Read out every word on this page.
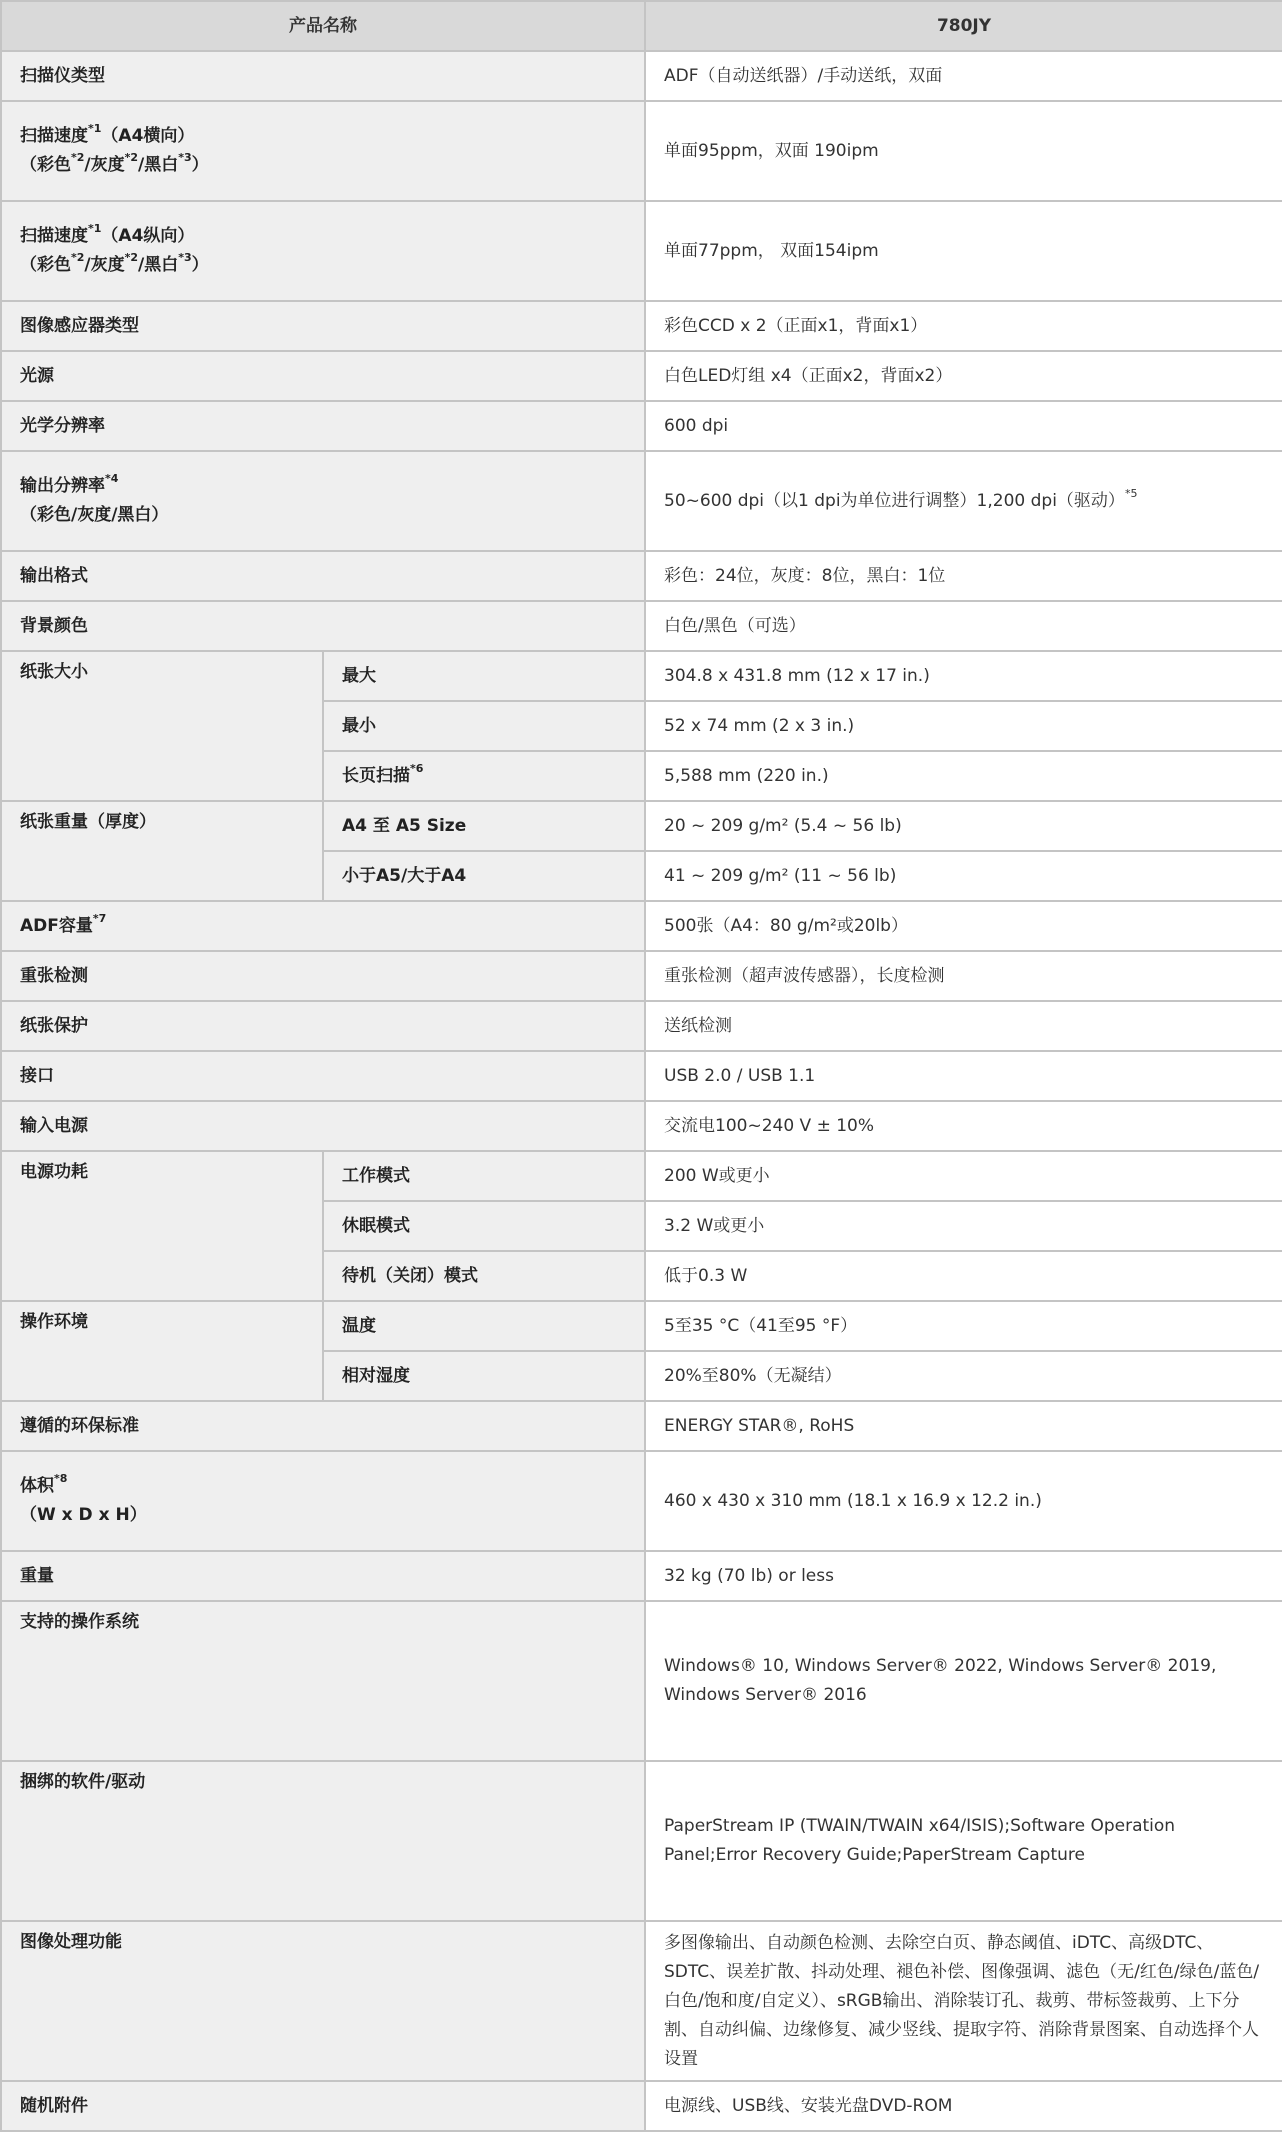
产品名称		780JY
扫描仪类型		ADF（自动送纸器）/手动送纸，双面

扫描速度$^{*1}$（A4横向）
（彩色$^{*2}$/灰度$^{*2}$/黑白$^{*3}$）		单面95ppm，双面 190ipm

扫描速度$^{*1}$（A4纵向）
（彩色$^{*2}$/灰度$^{*2}$/黑白$^{*3}$）		单面77ppm， 双面154ipm
图像感应器类型		彩色CCD x 2（正面x1，背面x1）
光源		白色LED灯组 x4（正面x2，背面x2）
光学分辨率		600 dpi

输出分辨率$^{*4}$
（彩色/灰度/黑白）		50~600 dpi（以1 dpi为单位进行调整）1,200 dpi（驱动）$^{*5}$
输出格式		彩色：24位，灰度：8位，黑白：1位
背景颜色		白色/黑色（可选）
纸张大小	最大	304.8 x 431.8 mm (12 x 17 in.)
	最小	52 x 74 mm (2 x 3 in.)
	长页扫描$^{*6}$	5,588 mm (220 in.)
纸张重量（厚度）	A4 至 A5 Size	20 ~ 209 g/m² (5.4 ~ 56 lb)
	小于A5/大于A4	41 ~ 209 g/m² (11 ~ 56 lb)
ADF容量$^{*7}$		500张（A4：80 g/m²或20lb）
重张检测		重张检测（超声波传感器），长度检测
纸张保护		送纸检测
接口		USB 2.0 / USB 1.1
输入电源		交流电100~240 V ± 10%
电源功耗	工作模式	200 W或更小
	休眠模式	3.2 W或更小
	待机（关闭）模式	低于0.3 W
操作环境	温度	5至35 °C（41至95 °F）
	相对湿度	20%至80%（无凝结）
遵循的环保标准		ENERGY STAR®, RoHS

体积$^{*8}$
（W x D x H）		460 x 430 x 310 mm (18.1 x 16.9 x 12.2 in.)
重量		32 kg (70 lb) or less
支持的操作系统		Windows® 10, Windows Server® 2022, Windows Server® 2019, Windows Server® 2016
捆绑的软件/驱动		PaperStream IP (TWAIN/TWAIN x64/ISIS);Software Operation Panel;Error Recovery Guide;PaperStream Capture
图像处理功能		多图像输出、自动颜色检测、去除空白页、静态阈值、iDTC、高级DTC、SDTC、误差扩散、抖动处理、褪色补偿、图像强调、滤色（无/红色/绿色/蓝色/白色/饱和度/自定义）、sRGB输出、消除装订孔、裁剪、带标签裁剪、上下分割、自动纠偏、边缘修复、减少竖线、提取字符、消除背景图案、自动选择个人设置
随机附件		电源线、USB线、安装光盘DVD-ROM
